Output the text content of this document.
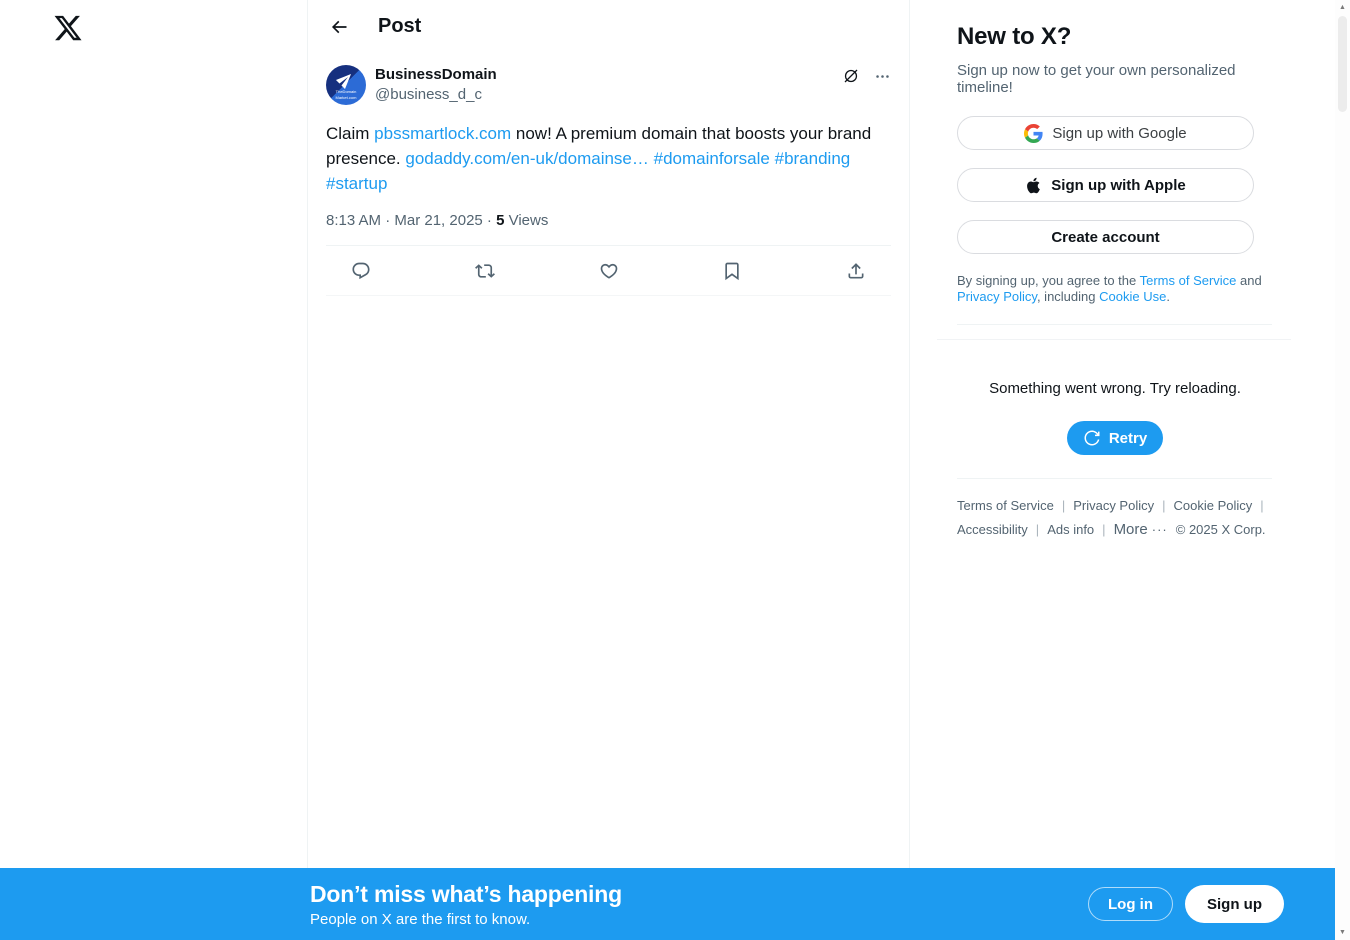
Post
TheDomain
Market.com
BusinessDomain
@business_d_c
Claim pbssmartlock.com now! A premium domain that boosts your brand presence. godaddy.com/en-uk/domainse… #domainforsale #branding #startup
8:13 AM · Mar 21, 2025 · 5 Views
New to X?
Sign up now to get your own personalized timeline!
Sign up with Google
Sign up with Apple
Create account

By signing up, you agree to the Terms of Service and Privacy Policy, including Cookie Use.

Something went wrong. Try reloading.
Retry
Terms of Service |	Privacy Policy |	Cookie Policy |
Accessibility |	Ads info |	More ··· © 2025 X Corp.
Don’t miss what’s happening
People on X are the first to know.
Log in	Sign up
▲
▼
